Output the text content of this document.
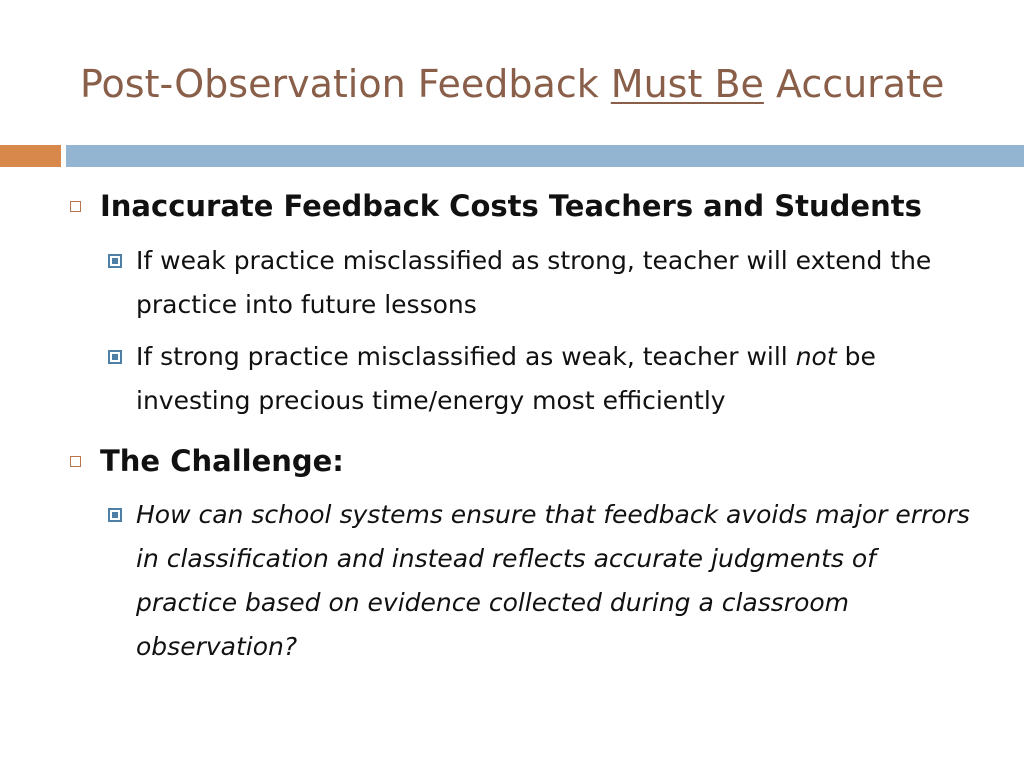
Post-Observation Feedback Must Be Accurate
Inaccurate Feedback Costs Teachers and Students
If weak practice misclassified as strong, teacher will extend the practice into future lessons
If strong practice misclassified as weak, teacher will not be investing precious time/energy most efficiently
The Challenge:
How can school systems ensure that feedback avoids major errors in classification and instead reflects accurate judgments of practice based on evidence collected during a classroom observation?
